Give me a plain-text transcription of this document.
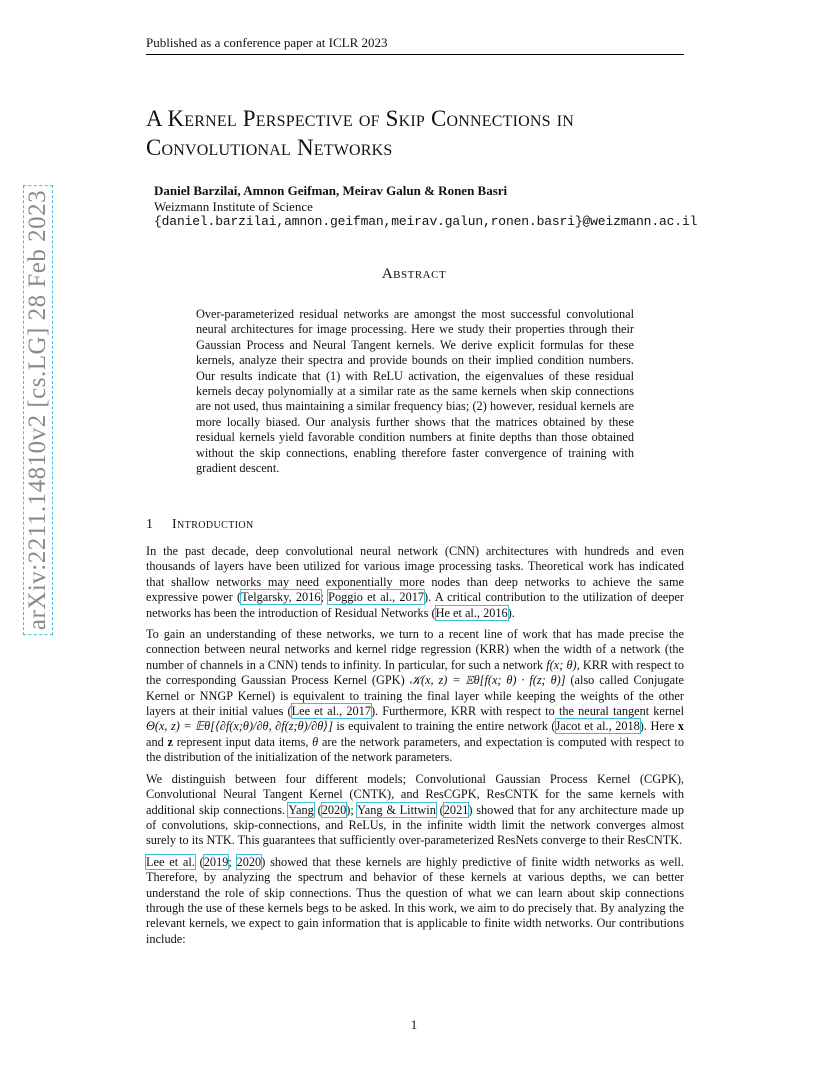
Published as a conference paper at ICLR 2023
A Kernel Perspective of Skip Connections in Convolutional Networks
Daniel Barzilai, Amnon Geifman, Meirav Galun & Ronen Basri
Weizmann Institute of Science
{daniel.barzilai,amnon.geifman,meirav.galun,ronen.basri}@weizmann.ac.il
Abstract
Over-parameterized residual networks are amongst the most successful convolutional neural architectures for image processing. Here we study their properties through their Gaussian Process and Neural Tangent kernels. We derive explicit formulas for these kernels, analyze their spectra and provide bounds on their implied condition numbers. Our results indicate that (1) with ReLU activation, the eigenvalues of these residual kernels decay polynomially at a similar rate as the same kernels when skip connections are not used, thus maintaining a similar frequency bias; (2) however, residual kernels are more locally biased. Our analysis further shows that the matrices obtained by these residual kernels yield favorable condition numbers at finite depths than those obtained without the skip connections, enabling therefore faster convergence of training with gradient descent.
1 Introduction

In the past decade, deep convolutional neural network (CNN) architectures with hundreds and even thousands of layers have been utilized for various image processing tasks. Theoretical work has indicated that shallow networks may need exponentially more nodes than deep networks to achieve the same expressive power (Telgarsky, 2016; Poggio et al., 2017). A critical contribution to the utilization of deeper networks has been the introduction of Residual Networks (He et al., 2016).

To gain an understanding of these networks, we turn to a recent line of work that has made precise the connection between neural networks and kernel ridge regression (KRR) when the width of a network (the number of channels in a CNN) tends to infinity. In particular, for such a network f(x; θ), KRR with respect to the corresponding Gaussian Process Kernel (GPK) 𝒦(x, z) = 𝔼θ[f(x; θ) · f(z; θ)] (also called Conjugate Kernel or NNGP Kernel) is equivalent to training the final layer while keeping the weights of the other layers at their initial values (Lee et al., 2017). Furthermore, KRR with respect to the neural tangent kernel Θ(x, z) = 𝔼θ[⟨∂f(x;θ)/∂θ, ∂f(z;θ)/∂θ⟩] is equivalent to training the entire network (Jacot et al., 2018). Here x and z represent input data items, θ are the network parameters, and expectation is computed with respect to the distribution of the initialization of the network parameters.

We distinguish between four different models; Convolutional Gaussian Process Kernel (CGPK), Convolutional Neural Tangent Kernel (CNTK), and ResCGPK, ResCNTK for the same kernels with additional skip connections. Yang (2020); Yang & Littwin (2021) showed that for any architecture made up of convolutions, skip-connections, and ReLUs, in the infinite width limit the network converges almost surely to its NTK. This guarantees that sufficiently over-parameterized ResNets converge to their ResCNTK.

Lee et al. (2019; 2020) showed that these kernels are highly predictive of finite width networks as well. Therefore, by analyzing the spectrum and behavior of these kernels at various depths, we can better understand the role of skip connections. Thus the question of what we can learn about skip connections through the use of these kernels begs to be asked. In this work, we aim to do precisely that. By analyzing the relevant kernels, we expect to gain information that is applicable to finite width networks. Our contributions include:

arXiv:2211.14810v2 [cs.LG] 28 Feb 2023
1
